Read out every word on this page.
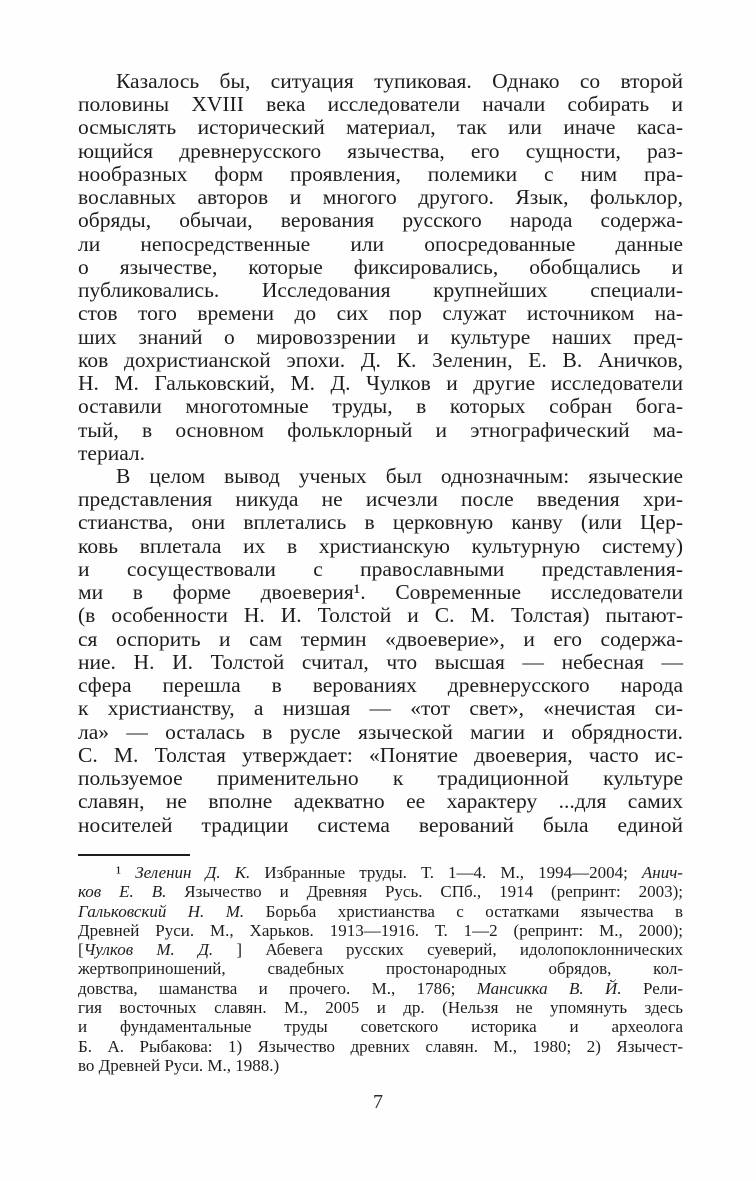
Казалось бы, ситуация тупиковая. Однако со второй
половины XVIII века исследователи начали собирать и
осмыслять исторический материал, так или иначе каса-
ющийся древнерусского язычества, его сущности, раз-
нообразных форм проявления, полемики с ним пра-
вославных авторов и многого другого. Язык, фольклор,
обряды, обычаи, верования русского народа содержа-
ли непосредственные или опосредованные данные
о язычестве, которые фиксировались, обобщались и
публиковались. Исследования крупнейших специали-
стов того времени до сих пор служат источником на-
ших знаний о мировоззрении и культуре наших пред-
ков дохристианской эпохи. Д. К. Зеленин, Е. В. Аничков,
Н. М. Гальковский, М. Д. Чулков и другие исследователи
оставили многотомные труды, в которых собран бога-
тый, в основном фольклорный и этнографический ма-
териал.
В целом вывод ученых был однозначным: языческие
представления никуда не исчезли после введения хри-
стианства, они вплетались в церковную канву (или Цер-
ковь вплетала их в христианскую культурную систему)
и сосуществовали с православными представления-
ми в форме двоеверия¹. Современные исследователи
(в особенности Н. И. Толстой и С. М. Толстая) пытают-
ся оспорить и сам термин «двоеверие», и его содержа-
ние. Н. И. Толстой считал, что высшая — небесная —
сфера перешла в верованиях древнерусского народа
к христианству, а низшая — «тот свет», «нечистая си-
ла» — осталась в русле языческой магии и обрядности.
С. М. Толстая утверждает: «Понятие двоеверия, часто ис-
пользуемое применительно к традиционной культуре
славян, не вполне адекватно ее характеру ...для самих
носителей традиции система верований была единой
¹ Зеленин Д. К. Избранные труды. Т. 1—4. М., 1994—2004; Анич-
ков Е. В. Язычество и Древняя Русь. СПб., 1914 (репринт: 2003);
Гальковский Н. М. Борьба христианства с остатками язычества в
Древней Руси. М., Харьков. 1913—1916. Т. 1—2 (репринт: М., 2000);
[Чулков М. Д. ] Абевега русских суеверий, идолопоклоннических
жертвоприношений, свадебных простонародных обрядов, кол-
довства, шаманства и прочего. М., 1786; Мансикка В. Й. Рели-
гия восточных славян. М., 2005 и др. (Нельзя не упомянуть здесь
и фундаментальные труды советского историка и археолога
Б. А. Рыбакова: 1) Язычество древних славян. М., 1980; 2) Язычест-
во Древней Руси. М., 1988.)
7
